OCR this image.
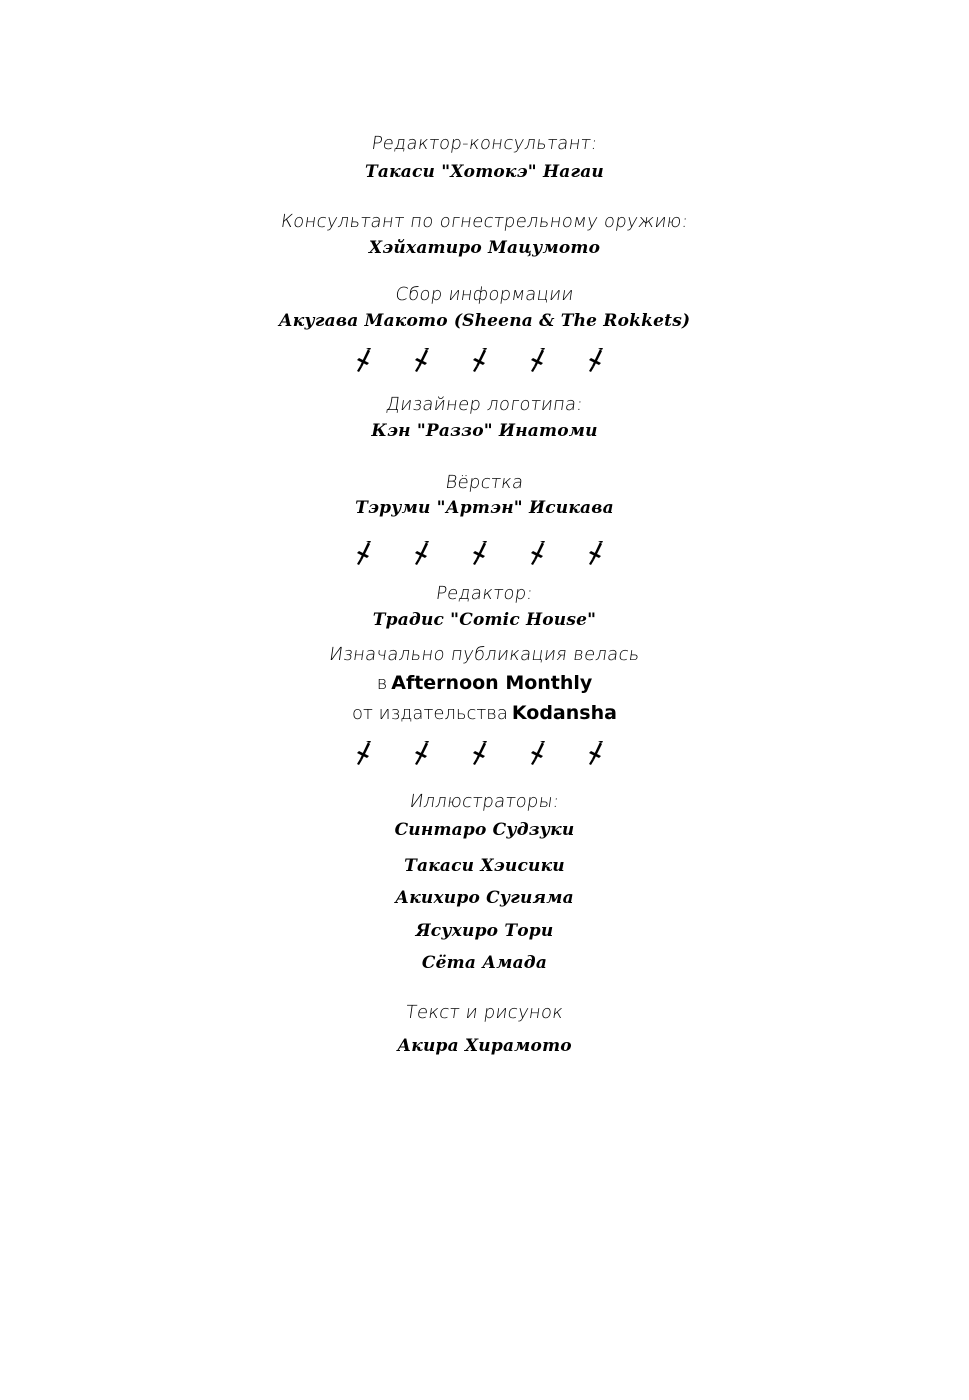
Редактор-консультант:
Такаси "Хотокэ" Нагаи
Консультант по огнестрельному оружию:
Хэйхатиро Мацумото
Сбор информации
Акугава Макото (Sheena & The Rokkets)
Дизайнер логотипа:
Кэн "Раззо" Инатоми
Вёрстка
Тэруми "Артэн" Исикава
Редактор:
Традис "Comic House"
Изначально публикация велась
в Afternoon Monthly
от издательства Kodansha
Иллюстраторы:
Синтаро Судзуки
Такаси Хэисики
Акихиро Сугияма
Ясухиро Тори
Сёта Амада
Текст и рисунок
Акира Хирамото
